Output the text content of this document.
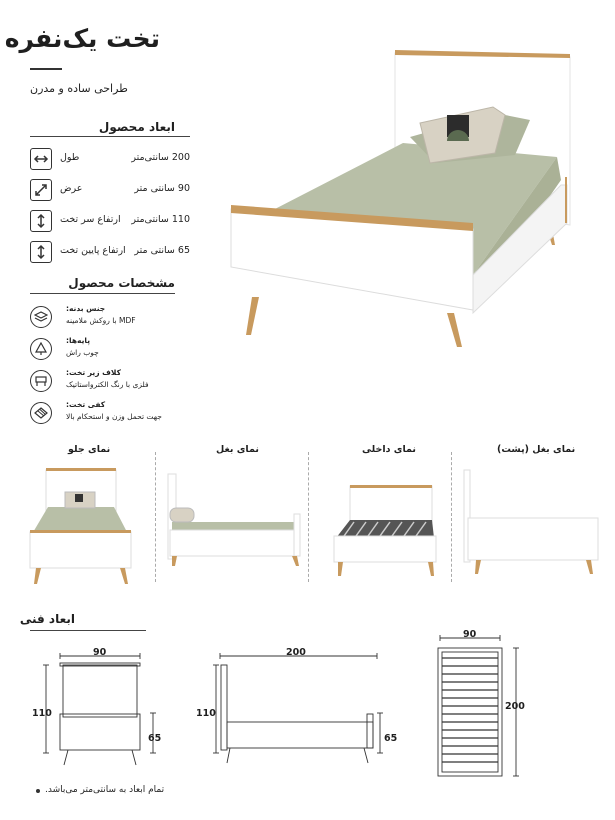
تخت یک‌نفره
طراحی ساده و مدرن
ابعاد محصول
طول	200 سانتی‌متر
عرض	90 سانتی متر
ارتفاع سر تخت 110 سانتی‌متر
ارتفاع پایین تخت 65 سانتی متر
مشخصات محصول
جنس بدنه:
MDF با روکش ملامینه
پایه‌ها:
چوب راش
کلاف زیر تخت:
فلزی با رنگ الکترواستاتیک
کفی تخت:
جهت تحمل وزن و استحکام بالا
نمای جلو	نمای بغل	نمای داخلی	نمای بغل (پشت)
ابعاد فنی
90
110
65
200
110
65
90
200
تمام ابعاد به سانتی‌متر می‌باشد.
